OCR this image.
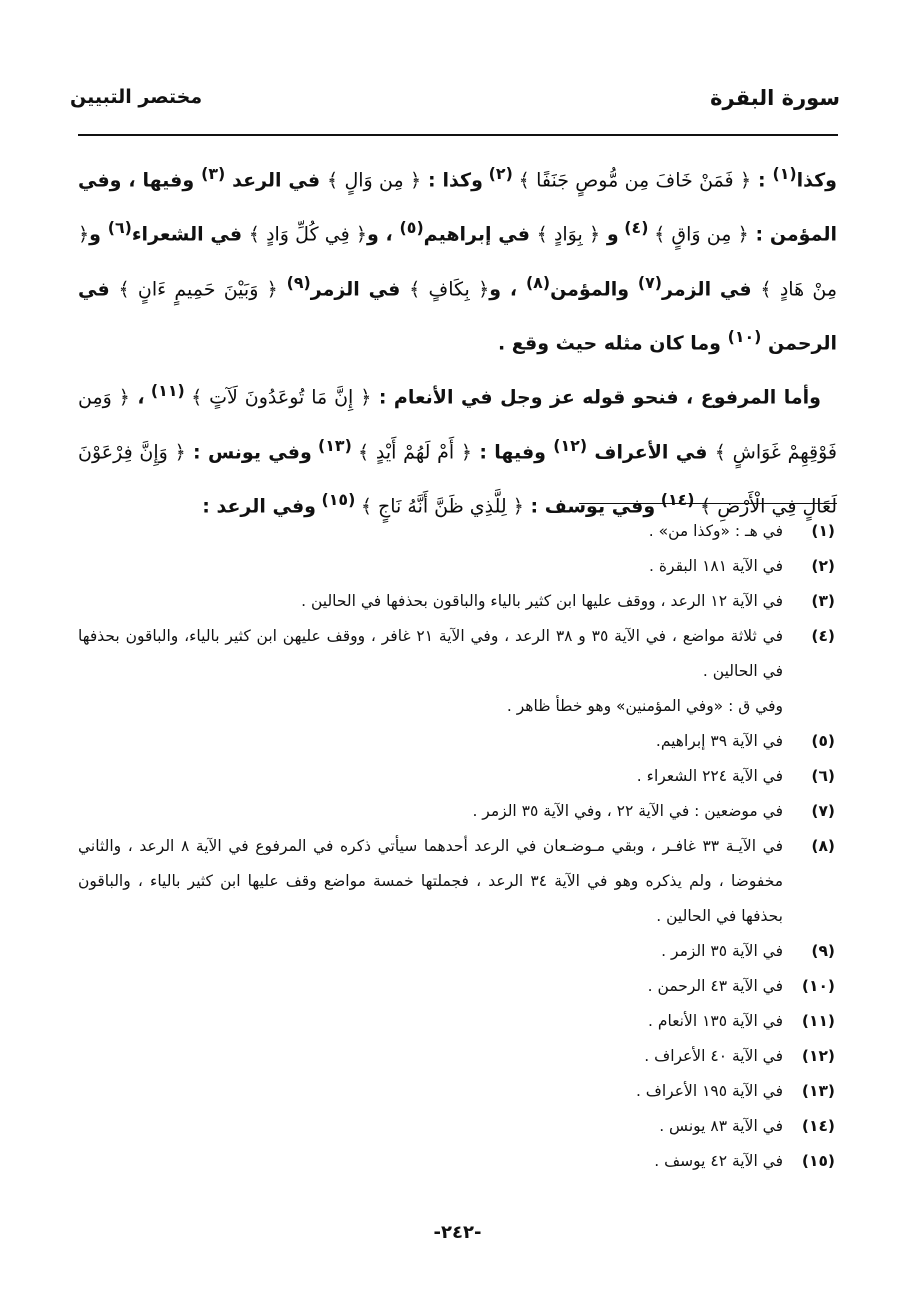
سورة البقرة
مختصر التبيين

وكذا$^{(١)}$ : ﴿ فَمَنْ خَافَ مِن مُّوصٍ جَنَفًا ﴾ $^{(٢)}$ وكذا : ﴿ مِن وَالٍ ﴾ في الرعد $^{(٣)}$ وفيها ، وفي المؤمن : ﴿ مِن وَاقٍ ﴾ $^{(٤)}$ و ﴿ بِوَادٍ ﴾ في إبراهيم$^{(٥)}$ ، و﴿ فِي كُلِّ وَادٍ ﴾ في الشعراء$^{(٦)}$ و﴿ مِنْ هَادٍ ﴾ في الزمر$^{(٧)}$ والمؤمن$^{(٨)}$ ، و﴿ بِكَافٍ ﴾ في الزمر$^{(٩)}$ ﴿ وَبَيْنَ حَمِيمٍ ءَانٍ ﴾ في الرحمن $^{(١٠)}$ وما كان مثله حيث وقع .

وأما المرفوع ، فنحو قوله عز وجل في الأنعام : ﴿ إِنَّ مَا تُوعَدُونَ لَآتٍ ﴾ $^{(١١)}$ ، ﴿ وَمِن فَوْقِهِمْ غَوَاشٍ ﴾ في الأعراف $^{(١٢)}$ وفيها : ﴿ أَمْ لَهُمْ أَيْدٍ ﴾ $^{(١٣)}$ وفي يونس : ﴿ وَإِنَّ فِرْعَوْنَ لَعَالٍ فِي الْأَرْضِ ﴾ $^{(١٤)}$ وفي يوسف : ﴿ لِلَّذِي ظَنَّ أَنَّهُ نَاجٍ ﴾ $^{(١٥)}$ وفي الرعد :

(١)
في هـ : «وكذا من» .
(٢)
في الآية ١٨١ البقرة .
(٣)
في الآية ١٢ الرعد ، ووقف عليها ابن كثير بالياء والباقون بحذفها في الحالين .
(٤)
في ثلاثة مواضع ، في الآية ٣٥ و ٣٨ الرعد ، وفي الآية ٢١ غافر ، ووقف عليهن ابن كثير بالياء، والباقون بحذفها في الحالين .
وفي ق : «وفي المؤمنين» وهو خطأ ظاهر .
(٥)
في الآية ٣٩ إبراهيم.
(٦)
في الآية ٢٢٤ الشعراء .
(٧)
في موضعين : في الآية ٢٢ ، وفي الآية ٣٥ الزمر .
(٨)
في الآيـة ٣٣ غافـر ، وبقي مـوضـعان في الرعد أحدهما سيأتي ذكره في المرفوع في الآية ٨ الرعد ، والثاني مخفوضا ، ولم يذكره وهو في الآية ٣٤ الرعد ، فجملتها خمسة مواضع وقف عليها ابن كثير بالياء ، والباقون بحذفها في الحالين .
(٩)
في الآية ٣٥ الزمر .
(١٠)
في الآية ٤٣ الرحمن .
(١١)
في الآية ١٣٥ الأنعام .
(١٢)
في الآية ٤٠ الأعراف .
(١٣)
في الآية ١٩٥ الأعراف .
(١٤)
في الآية ٨٣ يونس .
(١٥)
في الآية ٤٢ يوسف .
-٢٤٢-
